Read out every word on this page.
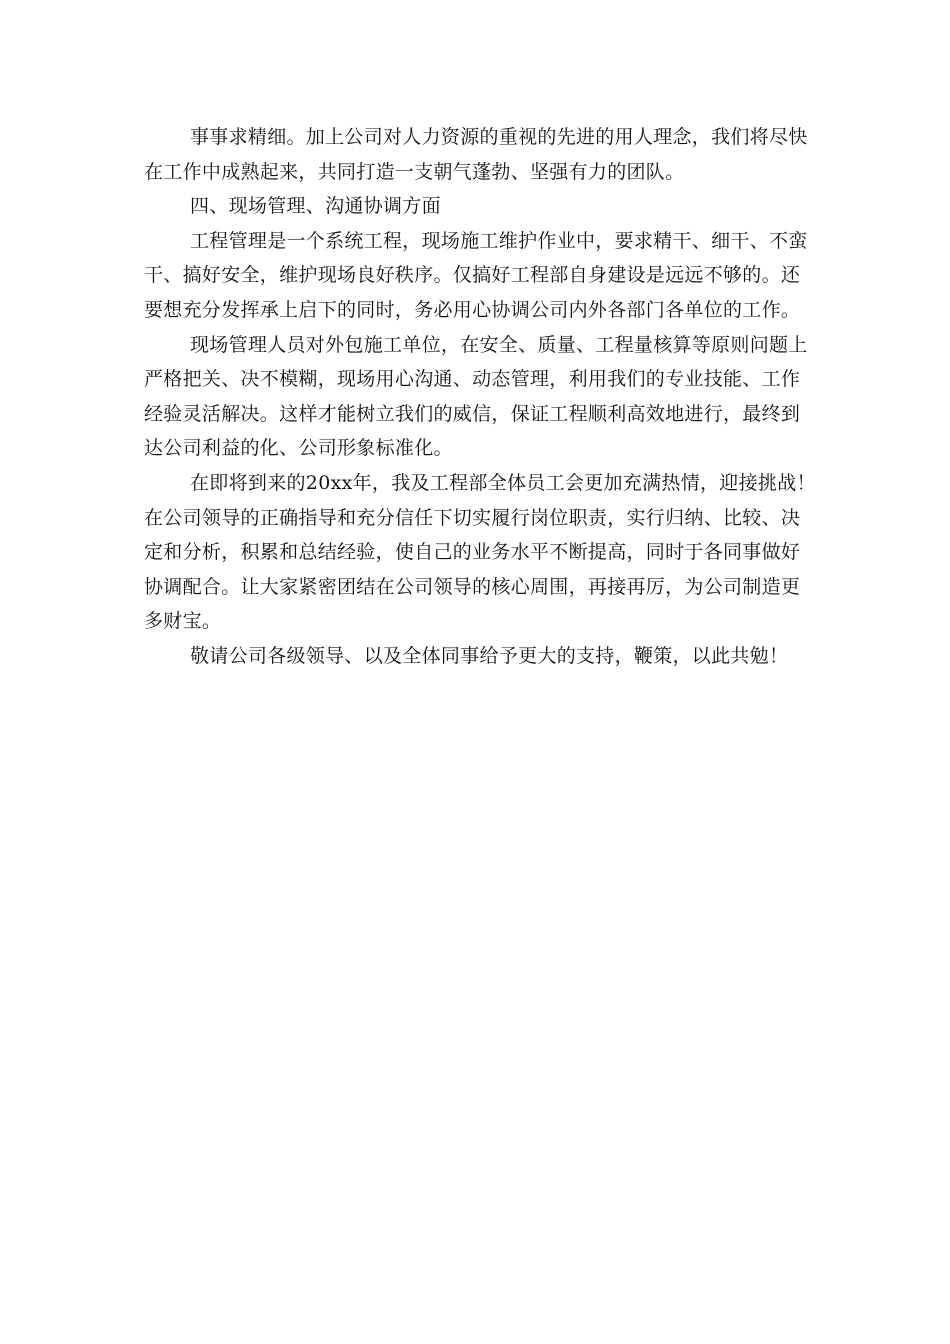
事事求精细。加上公司对人力资源的重视的先进的用人理念，我们将尽快
在工作中成熟起来，共同打造一支朝气蓬勃、坚强有力的团队。
四、现场管理、沟通协调方面
工程管理是一个系统工程，现场施工维护作业中，要求精干、细干、不蛮
干、搞好安全，维护现场良好秩序。仅搞好工程部自身建设是远远不够的。还
要想充分发挥承上启下的同时，务必用心协调公司内外各部门各单位的工作。
现场管理人员对外包施工单位，在安全、质量、工程量核算等原则问题上
严格把关、决不模糊，现场用心沟通、动态管理，利用我们的专业技能、工作
经验灵活解决。这样才能树立我们的威信，保证工程顺利高效地进行，最终到
达公司利益的化、公司形象标准化。
在即将到来的20xx年，我及工程部全体员工会更加充满热情，迎接挑战！
在公司领导的正确指导和充分信任下切实履行岗位职责，实行归纳、比较、决
定和分析，积累和总结经验，使自己的业务水平不断提高，同时于各同事做好
协调配合。让大家紧密团结在公司领导的核心周围，再接再厉，为公司制造更
多财宝。
敬请公司各级领导、以及全体同事给予更大的支持，鞭策，以此共勉！
